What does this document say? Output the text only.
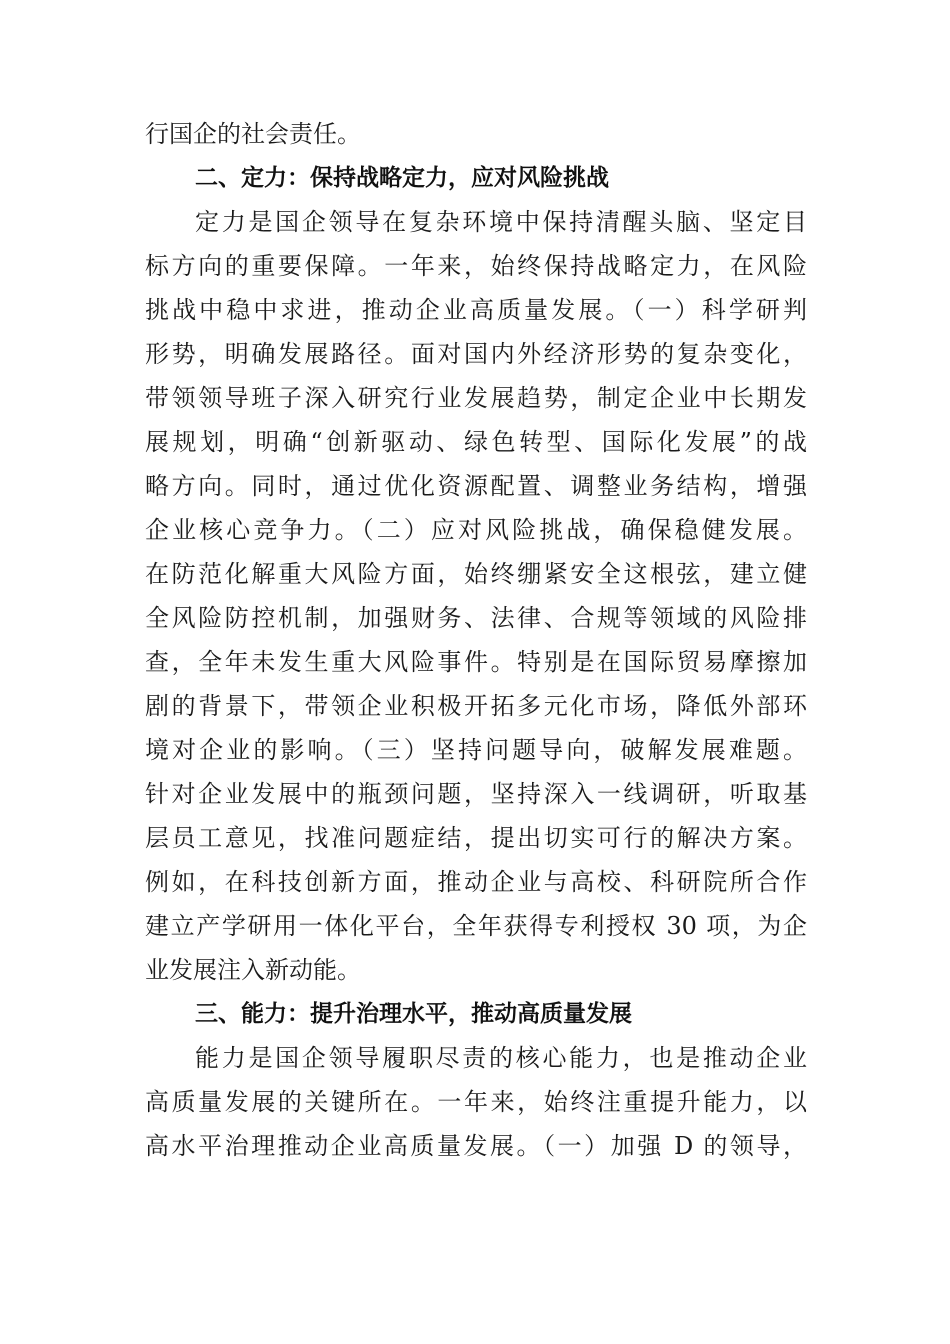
行国企的社会责任。
二、定力：保持战略定力，应对风险挑战
定力是国企领导在复杂环境中保持清醒头脑、坚定目
标方向的重要保障。一年来，始终保持战略定力，在风险
挑战中稳中求进，推动企业高质量发展。（一）科学研判
形势，明确发展路径。面对国内外经济形势的复杂变化，
带领领导班子深入研究行业发展趋势，制定企业中长期发
展规划，明确“创新驱动、绿色转型、国际化发展”的战
略方向。同时，通过优化资源配置、调整业务结构，增强
企业核心竞争力。（二）应对风险挑战，确保稳健发展。
在防范化解重大风险方面，始终绷紧安全这根弦，建立健
全风险防控机制，加强财务、法律、合规等领域的风险排
查，全年未发生重大风险事件。特别是在国际贸易摩擦加
剧的背景下，带领企业积极开拓多元化市场，降低外部环
境对企业的影响。（三）坚持问题导向，破解发展难题。
针对企业发展中的瓶颈问题，坚持深入一线调研，听取基
层员工意见，找准问题症结，提出切实可行的解决方案。
例如，在科技创新方面，推动企业与高校、科研院所合作
建立产学研用一体化平台，全年获得专利授权 30 项，为企
业发展注入新动能。
三、能力：提升治理水平，推动高质量发展
能力是国企领导履职尽责的核心能力，也是推动企业
高质量发展的关键所在。一年来，始终注重提升能力，以
高水平治理推动企业高质量发展。（一）加强 D 的领导，
